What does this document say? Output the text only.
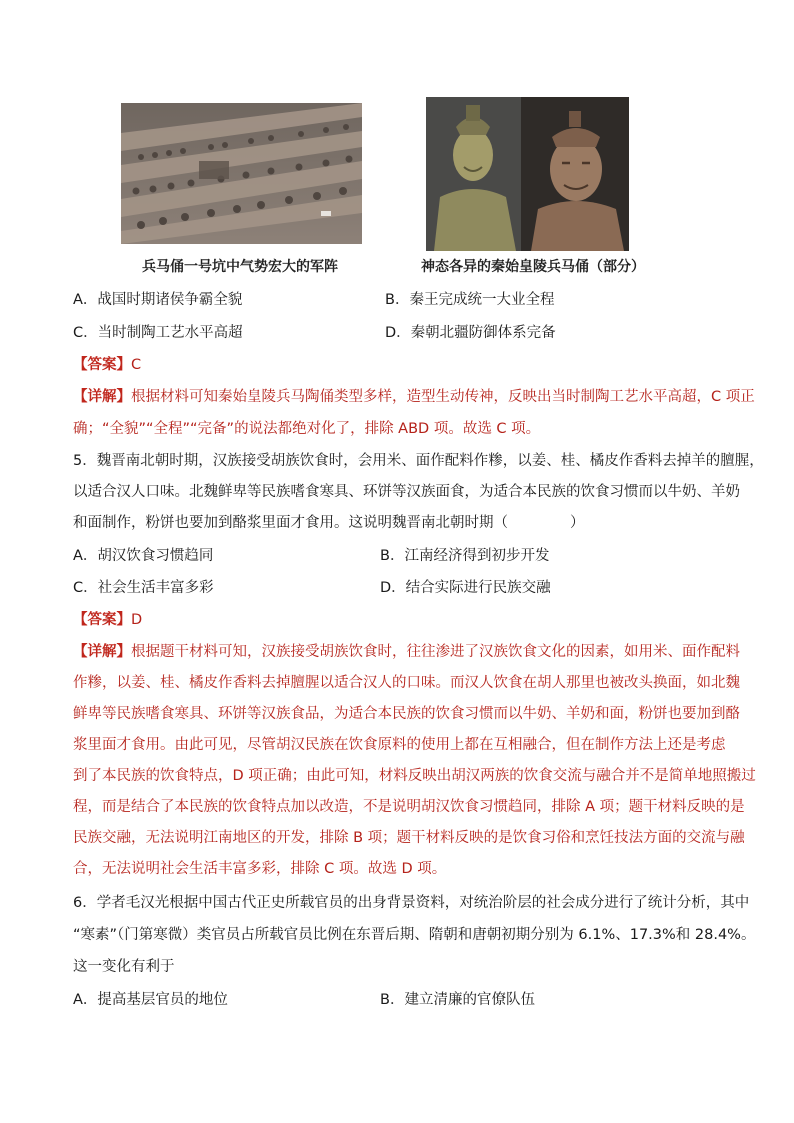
兵马俑一号坑中气势宏大的军阵	神态各异的秦始皇陵兵马俑（部分）
A．战国时期诸侯争霸全貌	B．秦王完成统一大业全程
C．当时制陶工艺水平高超	D．秦朝北疆防御体系完备
【答案】C
【详解】根据材料可知秦始皇陵兵马陶俑类型多样，造型生动传神，反映出当时制陶工艺水平高超，C 项正
确；“全貌”“全程”“完备”的说法都绝对化了，排除 ABD 项。故选 C 项。
5．魏晋南北朝时期，汉族接受胡族饮食时，会用米、面作配料作糁，以姜、桂、橘皮作香料去掉羊的膻腥，
以适合汉人口味。北魏鲜卑等民族嗜食寒具、环饼等汉族面食，为适合本民族的饮食习惯而以牛奶、羊奶
和面制作，粉饼也要加到酪浆里面才食用。这说明魏晋南北朝时期（	）
A．胡汉饮食习惯趋同	B．江南经济得到初步开发
C．社会生活丰富多彩	D．结合实际进行民族交融
【答案】D
【详解】根据题干材料可知，汉族接受胡族饮食时，往往渗进了汉族饮食文化的因素，如用米、面作配料
作糁，以姜、桂、橘皮作香料去掉膻腥以适合汉人的口味。而汉人饮食在胡人那里也被改头换面，如北魏
鲜卑等民族嗜食寒具、环饼等汉族食品，为适合本民族的饮食习惯而以牛奶、羊奶和面，粉饼也要加到酪
浆里面才食用。由此可见，尽管胡汉民族在饮食原料的使用上都在互相融合，但在制作方法上还是考虑
到了本民族的饮食特点，D 项正确；由此可知，材料反映出胡汉两族的饮食交流与融合并不是简单地照搬过
程，而是结合了本民族的饮食特点加以改造，不是说明胡汉饮食习惯趋同，排除 A 项；题干材料反映的是
民族交融，无法说明江南地区的开发，排除 B 项；题干材料反映的是饮食习俗和烹饪技法方面的交流与融
合，无法说明社会生活丰富多彩，排除 C 项。故选 D 项。
6．学者毛汉光根据中国古代正史所载官员的出身背景资料，对统治阶层的社会成分进行了统计分析，其中
“寒素”（门第寒微）类官员占所载官员比例在东晋后期、隋朝和唐朝初期分别为 6.1%、17.3%和 28.4%。
这一变化有利于
A．提高基层官员的地位	B．建立清廉的官僚队伍
